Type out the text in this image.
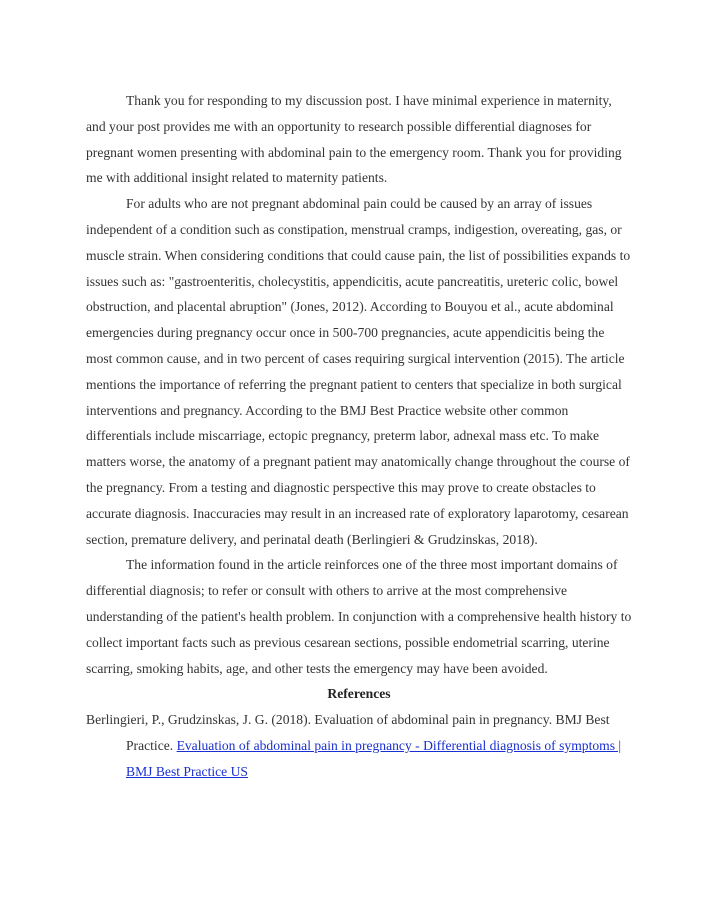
Thank you for responding to my discussion post. I have minimal experience in maternity, and your post provides me with an opportunity to research possible differential diagnoses for pregnant women presenting with abdominal pain to the emergency room. Thank you for providing me with additional insight related to maternity patients.

For adults who are not pregnant abdominal pain could be caused by an array of issues independent of a condition such as constipation, menstrual cramps, indigestion, overeating, gas, or muscle strain. When considering conditions that could cause pain, the list of possibilities expands to issues such as: "gastroenteritis, cholecystitis, appendicitis, acute pancreatitis, ureteric colic, bowel obstruction, and placental abruption" (Jones, 2012). According to Bouyou et al., acute abdominal emergencies during pregnancy occur once in 500-700 pregnancies, acute appendicitis being the most common cause, and in two percent of cases requiring surgical intervention (2015). The article mentions the importance of referring the pregnant patient to centers that specialize in both surgical interventions and pregnancy. According to the BMJ Best Practice website other common differentials include miscarriage, ectopic pregnancy, preterm labor, adnexal mass etc. To make matters worse, the anatomy of a pregnant patient may anatomically change throughout the course of the pregnancy. From a testing and diagnostic perspective this may prove to create obstacles to accurate diagnosis. Inaccuracies may result in an increased rate of exploratory laparotomy, cesarean section, premature delivery, and perinatal death (Berlingieri & Grudzinskas, 2018).

The information found in the article reinforces one of the three most important domains of differential diagnosis; to refer or consult with others to arrive at the most comprehensive understanding of the patient's health problem. In conjunction with a comprehensive health history to collect important facts such as previous cesarean sections, possible endometrial scarring, uterine scarring, smoking habits, age, and other tests the emergency may have been avoided.

References

Berlingieri, P., Grudzinskas, J. G. (2018). Evaluation of abdominal pain in pregnancy. BMJ Best Practice. Evaluation of abdominal pain in pregnancy - Differential diagnosis of symptoms | BMJ Best Practice US
